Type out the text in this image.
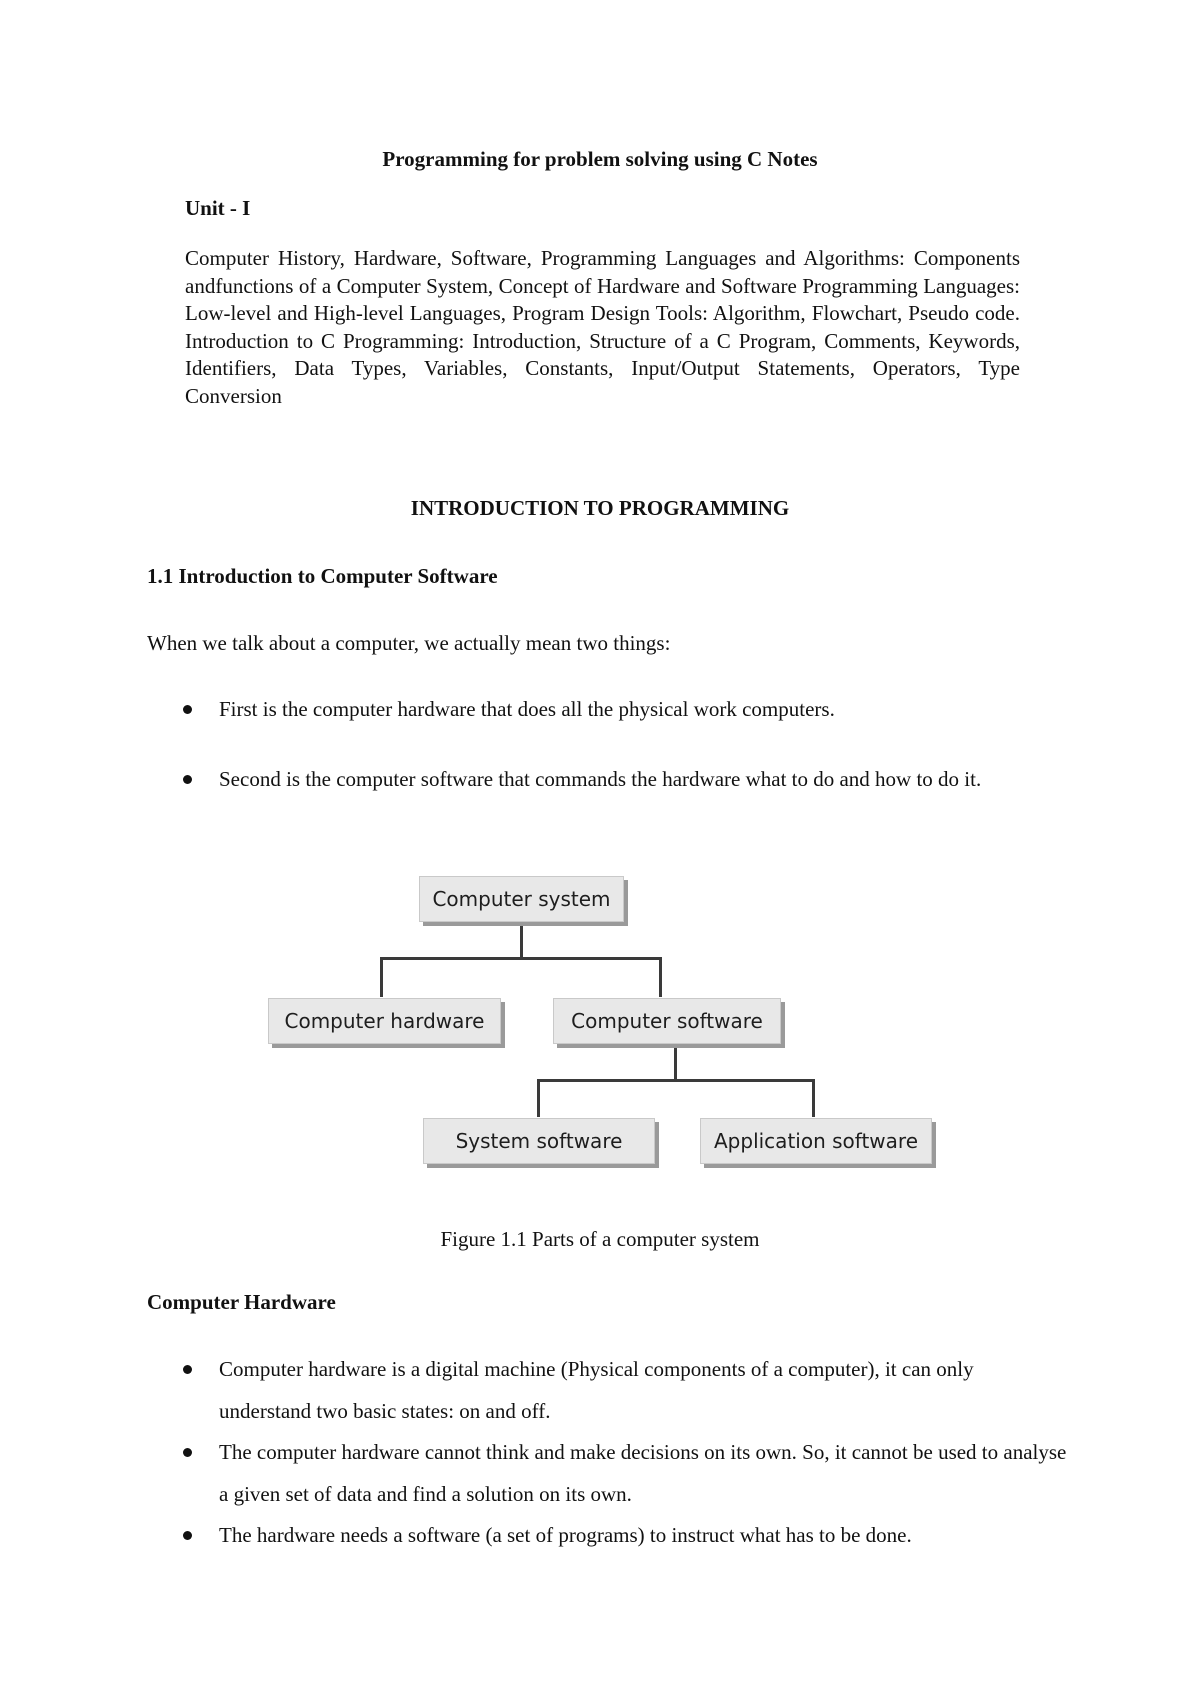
Programming for problem solving using C Notes
Unit - I
Computer History, Hardware, Software, Programming Languages and Algorithms: Components andfunctions of a Computer System, Concept of Hardware and Software Programming Languages: Low-level and High-level Languages, Program Design Tools: Algorithm, Flowchart, Pseudo code. Introduction to C Programming: Introduction, Structure of a C Program, Comments, Keywords, Identifiers, Data Types, Variables, Constants, Input/Output Statements, Operators, Type Conversion
INTRODUCTION TO PROGRAMMING
1.1 Introduction to Computer Software
When we talk about a computer, we actually mean two things:
First is the computer hardware that does all the physical work computers.
Second is the computer software that commands the hardware what to do and how to do it.
Computer system
Computer hardware	Computer software
System software	Application software
Figure 1.1 Parts of a computer system
Computer Hardware
Computer hardware is a digital machine (Physical components of a computer), it can only understand two basic states: on and off.
The computer hardware cannot think and make decisions on its own. So, it cannot be used to analyse a given set of data and find a solution on its own.
The hardware needs a software (a set of programs) to instruct what has to be done.
